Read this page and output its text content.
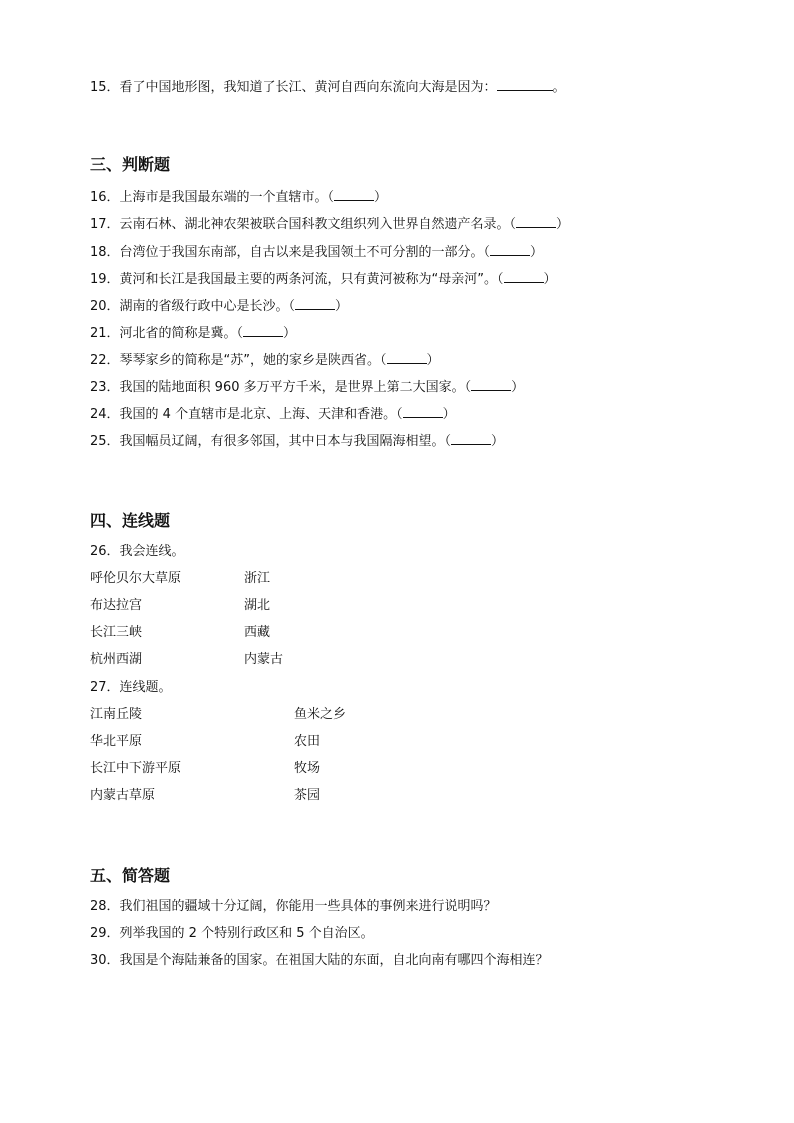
15．看了中国地形图，我知道了长江、黄河自西向东流向大海是因为：	。
三、判断题
16．上海市是我国最东端的一个直辖市。（	）
17．云南石林、湖北神农架被联合国科教文组织列入世界自然遗产名录。（	）
18．台湾位于我国东南部，自古以来是我国领土不可分割的一部分。（	）
19．黄河和长江是我国最主要的两条河流，只有黄河被称为“母亲河”。（	）
20．湖南的省级行政中心是长沙。（	）
21．河北省的简称是冀。（	）
22．琴琴家乡的简称是“苏”，她的家乡是陕西省。（	）
23．我国的陆地面积 960 多万平方千米，是世界上第二大国家。（	）
24．我国的 4 个直辖市是北京、上海、天津和香港。（	）
25．我国幅员辽阔，有很多邻国，其中日本与我国隔海相望。（	）
四、连线题
26．我会连线。
呼伦贝尔大草原	浙江
布达拉宫	湖北
长江三峡	西藏
杭州西湖	内蒙古
27．连线题。
江南丘陵	鱼米之乡
华北平原	农田
长江中下游平原	牧场
内蒙古草原	茶园
五、简答题
28．我们祖国的疆域十分辽阔，你能用一些具体的事例来进行说明吗？
29．列举我国的 2 个特别行政区和 5 个自治区。
30．我国是个海陆兼备的国家。在祖国大陆的东面，自北向南有哪四个海相连？
